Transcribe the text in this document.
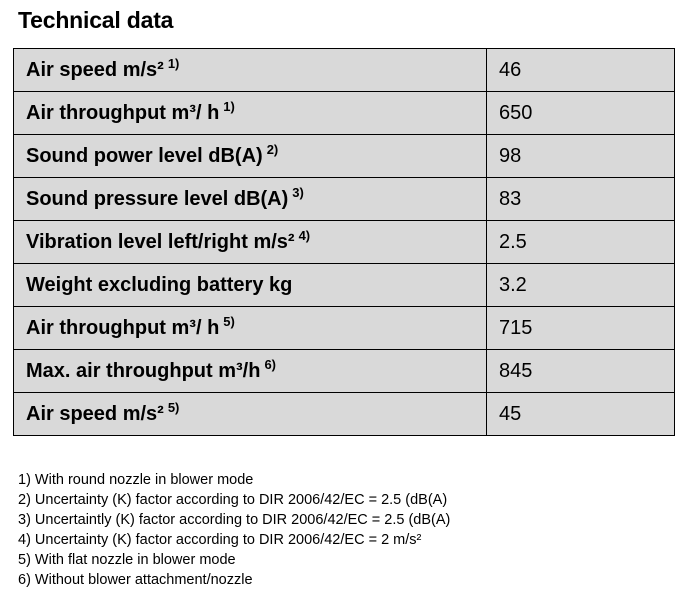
Technical data
Air speed m/s² $^{1)}$	46
Air throughput m³/ h $^{1)}$	650
Sound power level dB(A) $^{2)}$	98
Sound pressure level dB(A) $^{3)}$	83
Vibration level left/right m/s² $^{4)}$	2.5
Weight excluding battery kg	3.2
Air throughput m³/ h $^{5)}$	715
Max. air throughput m³/h $^{6)}$	845
Air speed m/s² $^{5)}$	45
1) With round nozzle in blower mode
2) Uncertainty (K) factor according to DIR 2006/42/EC = 2.5 (dB(A)
3) Uncertaintly (K) factor according to DIR 2006/42/EC = 2.5 (dB(A)
4) Uncertainty (K) factor according to DIR 2006/42/EC = 2 m/s²
5) With flat nozzle in blower mode
6) Without blower attachment/nozzle
